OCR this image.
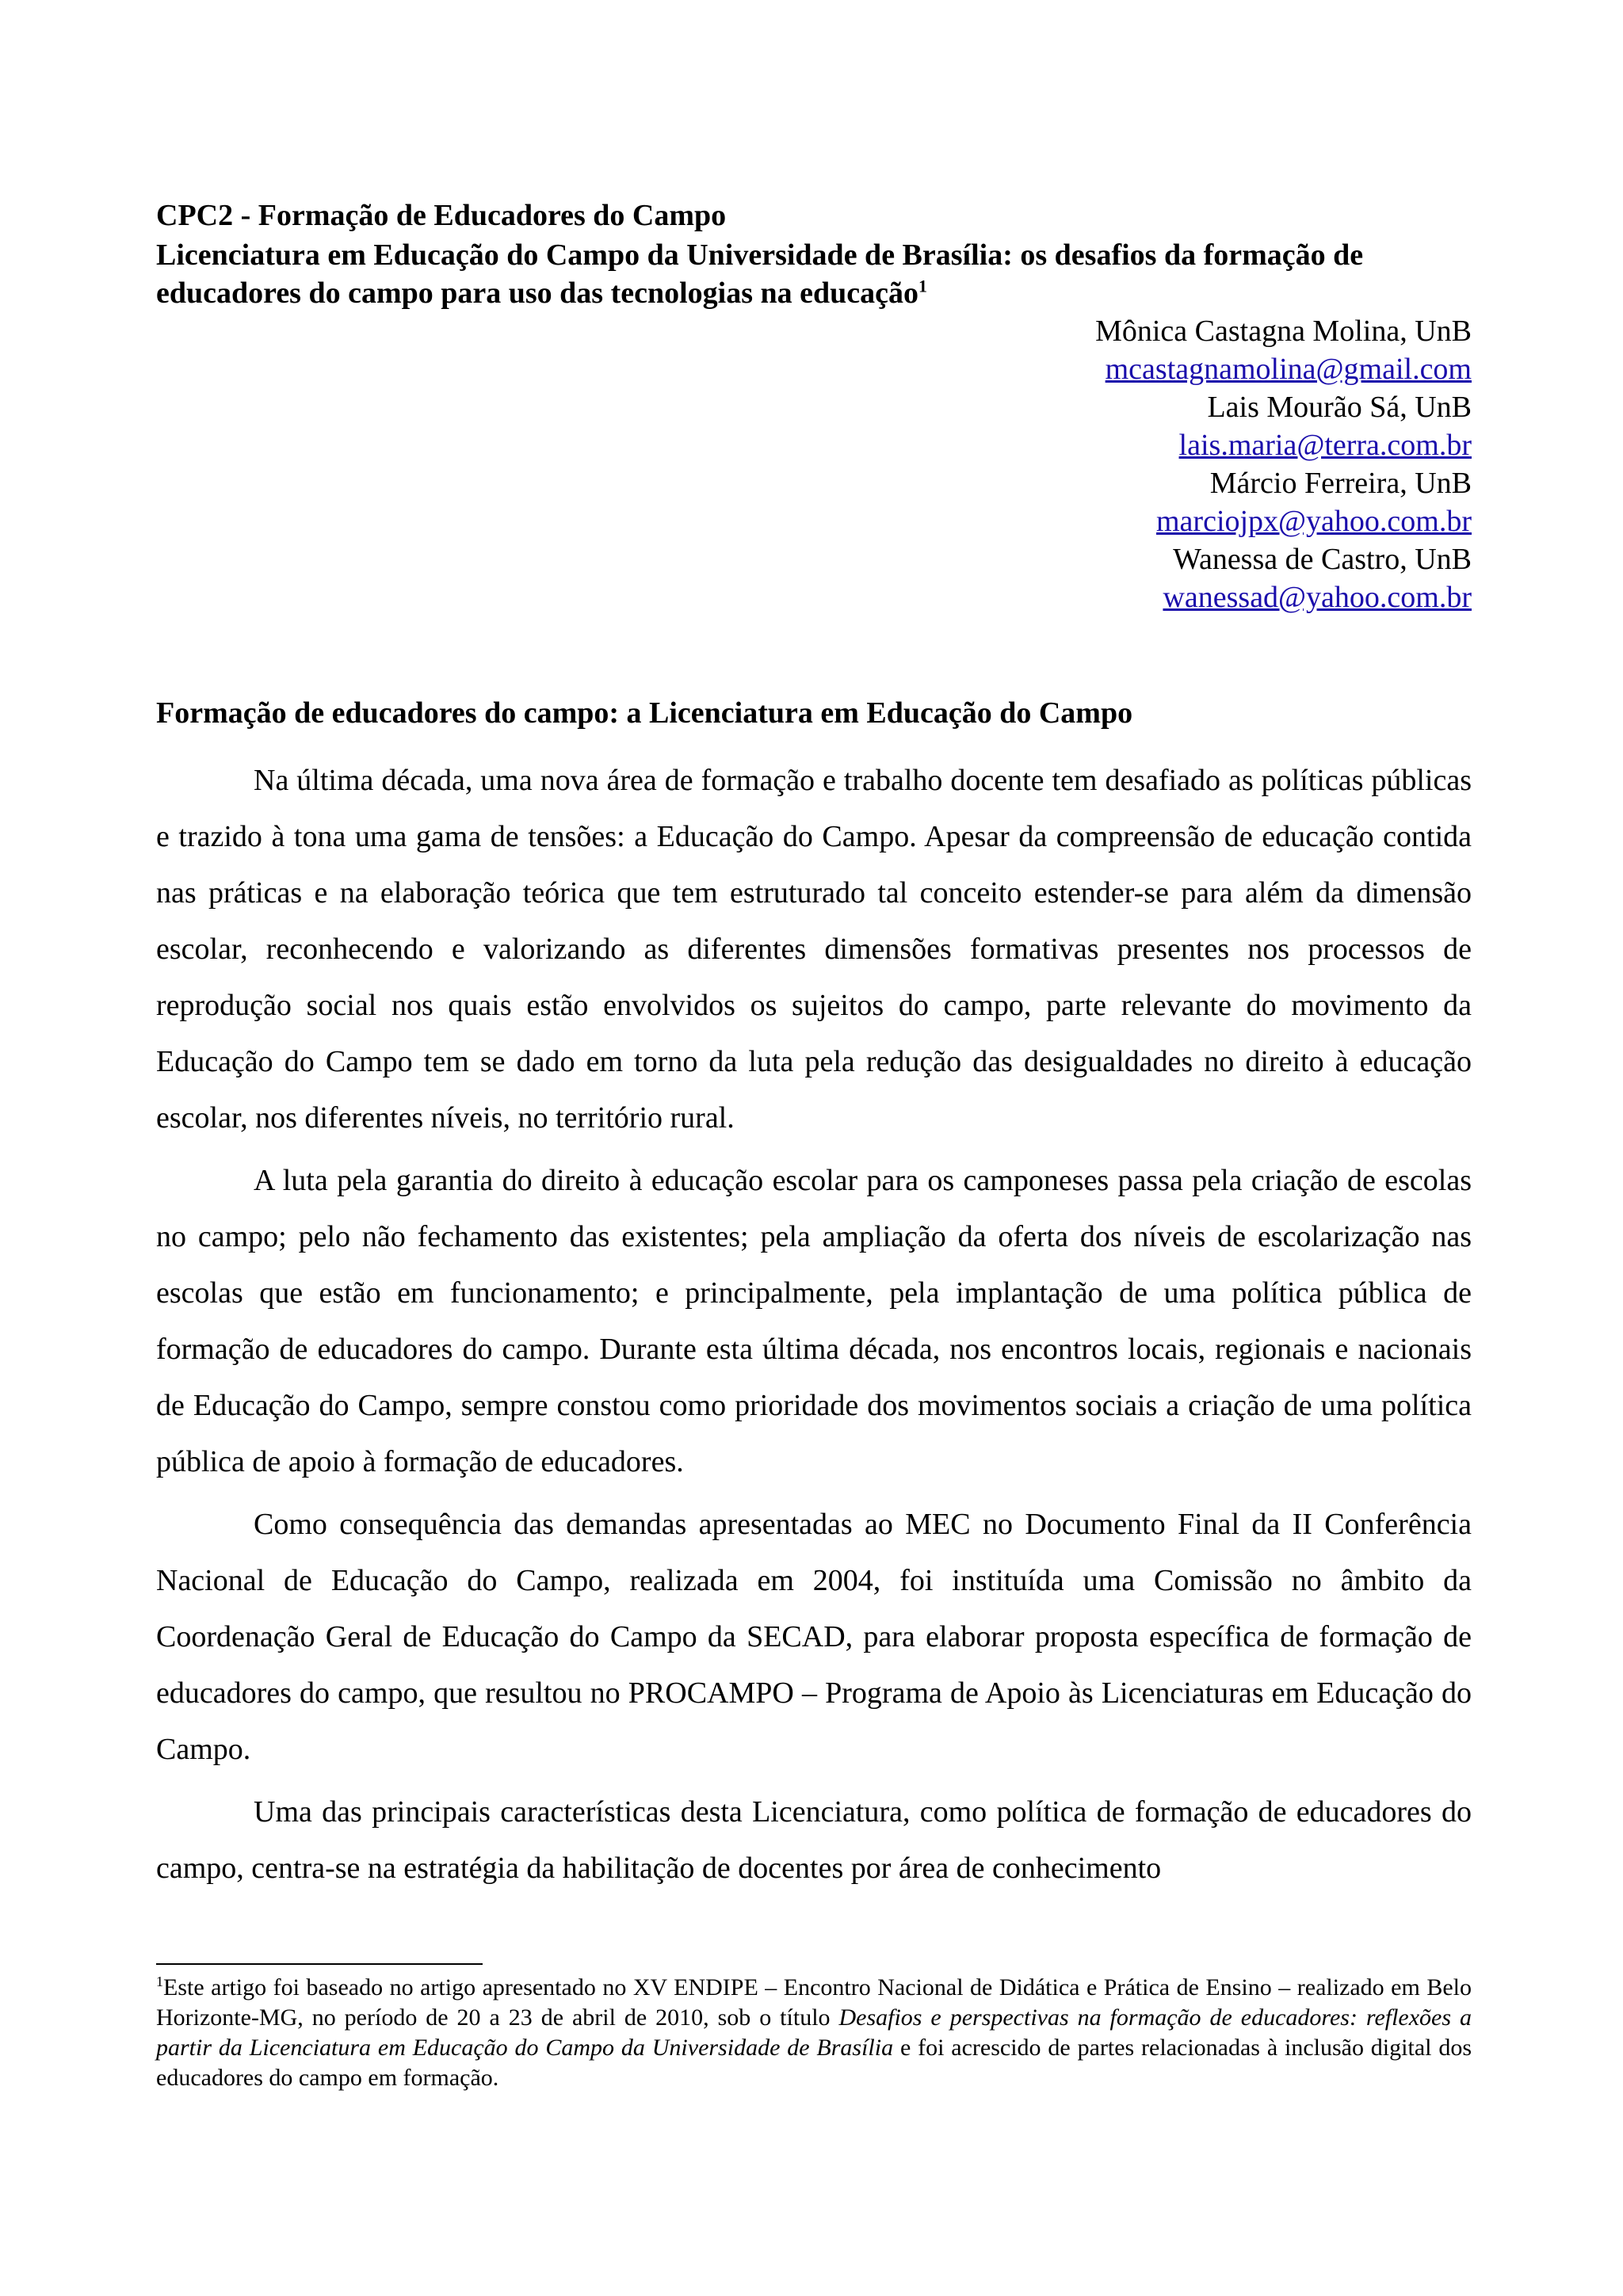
CPC2 - Formação de Educadores do Campo

Licenciatura em Educação do Campo da Universidade de Brasília: os desafios da formação de educadores do campo para uso das tecnologias na educação$^1$

Mônica Castagna Molina, UnB
mcastagnamolina@gmail.com
Lais Mourão Sá, UnB
lais.maria@terra.com.br
Márcio Ferreira, UnB
marciojpx@yahoo.com.br
Wanessa de Castro, UnB
wanessad@yahoo.com.br
Formação de educadores do campo: a Licenciatura em Educação do Campo

Na última década, uma nova área de formação e trabalho docente tem desafiado as políticas públicas e trazido à tona uma gama de tensões: a Educação do Campo. Apesar da compreensão de educação contida nas práticas e na elaboração teórica que tem estruturado tal conceito estender-se para além da dimensão escolar, reconhecendo e valorizando as diferentes dimensões formativas presentes nos processos de reprodução social nos quais estão envolvidos os sujeitos do campo, parte relevante do movimento da Educação do Campo tem se dado em torno da luta pela redução das desigualdades no direito à educação escolar, nos diferentes níveis, no território rural.

A luta pela garantia do direito à educação escolar para os camponeses passa pela criação de escolas no campo; pelo não fechamento das existentes; pela ampliação da oferta dos níveis de escolarização nas escolas que estão em funcionamento; e principalmente, pela implantação de uma política pública de formação de educadores do campo. Durante esta última década, nos encontros locais, regionais e nacionais de Educação do Campo, sempre constou como prioridade dos movimentos sociais a criação de uma política pública de apoio à formação de educadores.

Como consequência das demandas apresentadas ao MEC no Documento Final da II Conferência Nacional de Educação do Campo, realizada em 2004, foi instituída uma Comissão no âmbito da Coordenação Geral de Educação do Campo da SECAD, para elaborar proposta específica de formação de educadores do campo, que resultou no PROCAMPO – Programa de Apoio às Licenciaturas em Educação do Campo.

Uma das principais características desta Licenciatura, como política de formação de educadores do campo, centra-se na estratégia da habilitação de docentes por área de conhecimento

$^1$Este artigo foi baseado no artigo apresentado no XV ENDIPE – Encontro Nacional de Didática e Prática de Ensino – realizado em Belo Horizonte-MG, no período de 20 a 23 de abril de 2010, sob o título Desafios e perspectivas na formação de educadores: reflexões a partir da Licenciatura em Educação do Campo da Universidade de Brasília e foi acrescido de partes relacionadas à inclusão digital dos educadores do campo em formação.
